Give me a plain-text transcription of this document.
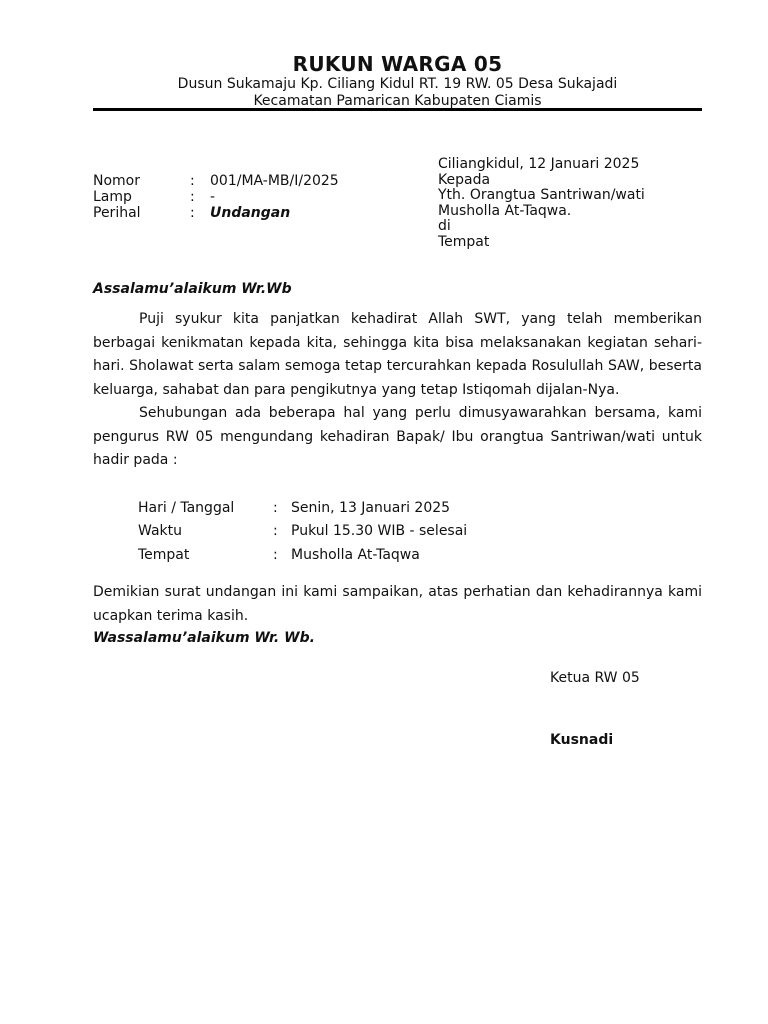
RUKUN WARGA 05
Dusun Sukamaju Kp. Ciliang Kidul RT. 19 RW. 05 Desa Sukajadi
Kecamatan Pamarican Kabupaten Ciamis
Nomor	: 001/MA-MB/I/2025
Lamp	: -
Perihal	: Undangan
Ciliangkidul, 12 Januari 2025
Kepada
Yth. Orangtua Santriwan/wati
Musholla At-Taqwa.
di
Tempat
Assalamu’alaikum Wr.Wb
Puji syukur kita panjatkan kehadirat Allah SWT, yang telah memberikan berbagai kenikmatan kepada kita, sehingga kita bisa melaksanakan kegiatan sehari-hari. Sholawat serta salam semoga tetap tercurahkan kepada Rosulullah SAW, beserta keluarga, sahabat dan para pengikutnya yang tetap Istiqomah dijalan-Nya.
Sehubungan ada beberapa hal yang perlu dimusyawarahkan bersama, kami pengurus RW 05 mengundang kehadiran Bapak/ Ibu orangtua Santriwan/wati untuk hadir pada :
Hari / Tanggal	: Senin, 13 Januari 2025
Waktu	: Pukul 15.30 WIB - selesai
Tempat	: Musholla At-Taqwa
Demikian surat undangan ini kami sampaikan, atas perhatian dan kehadirannya kami ucapkan terima kasih.
Wassalamu’alaikum Wr. Wb.
Ketua RW 05
Kusnadi
